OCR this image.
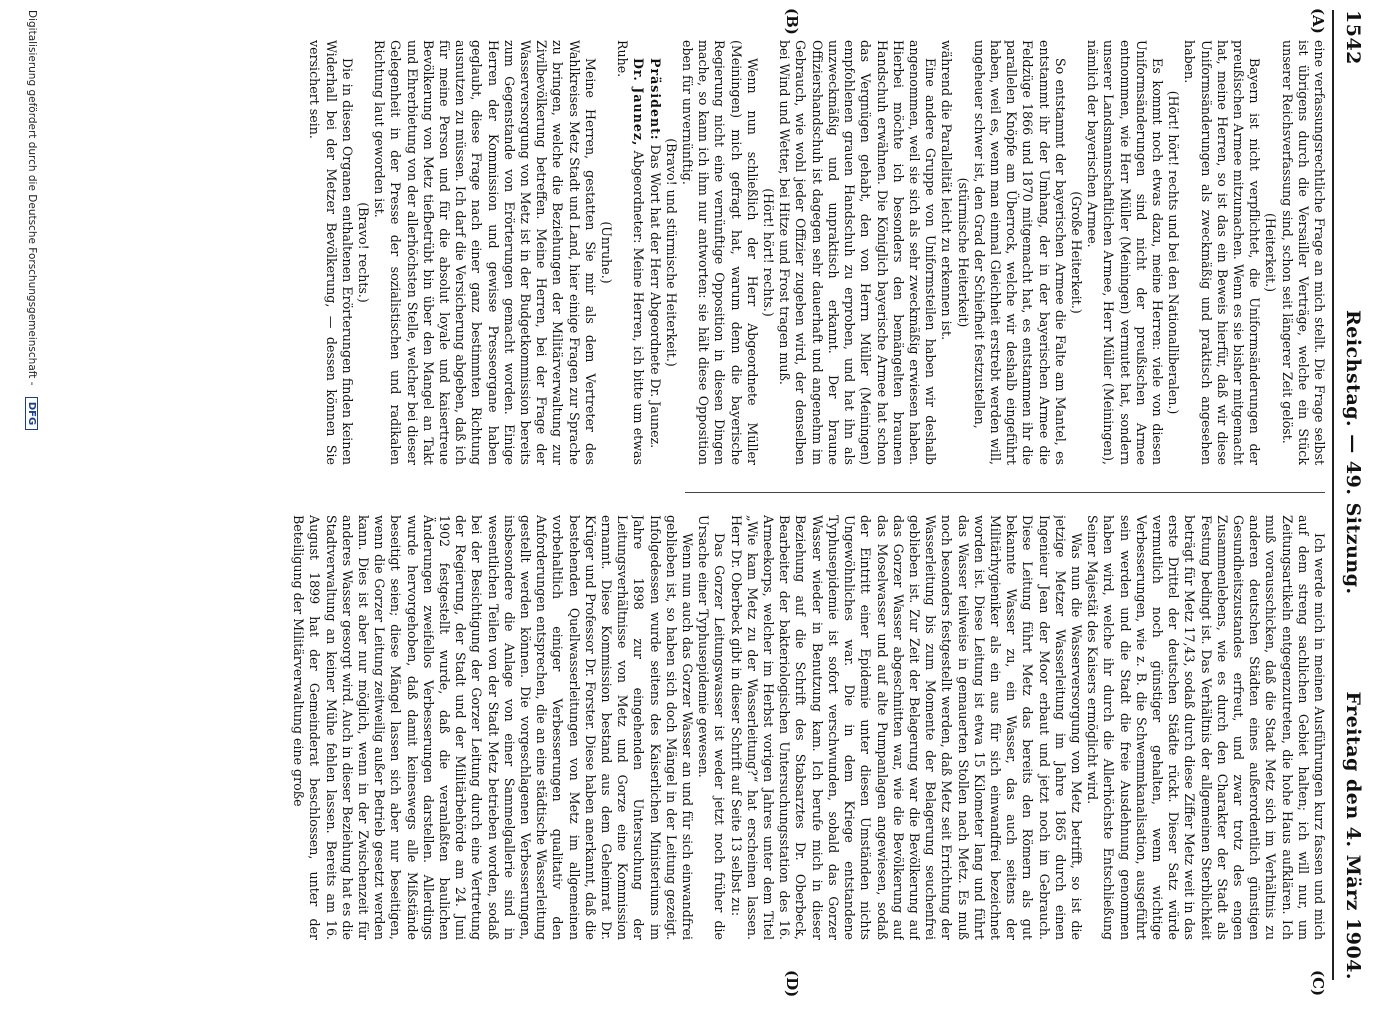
1542
Reichstag. — 49. Sitzung.
Freitag den 4. März 1904.
(A)
(B)
(C)
(D)

eine verfassungsrechtliche Frage an mich stellt. Die Frage selbst ist übrigens durch die Versailler Verträge, welche ein Stück unserer Reichsverfassung sind, schon seit längerer Zeit gelöst.

(Heiterkeit.)

Bayern ist nicht verpflichtet, die Uniformsänderungen der preußischen Armee mitzumachen. Wenn es sie bisher mitgemacht hat, meine Herren, so ist das ein Beweis hierfür, daß wir diese Uniformsänderungen als zweckmäßig und praktisch angesehen haben.

(Hört! hört! rechts und bei den Nationalliberalen.)

Es kommt noch etwas dazu, meine Herren: viele von diesen Uniformsänderungen sind nicht der preußischen Armee entnommen, wie Herr Müller (Meiningen) vermutet hat, sondern unserer Landsmannschaftlichen Armee, Herr Müller (Meiningen), nämlich der bayerischen Armee.

(Große Heiterkeit.)

So entstammt der bayerischen Armee die Falte am Mantel, es entstammt ihr der Umhang, der in der bayerischen Armee die Feldzüge 1866 und 1870 mitgemacht hat, es entstammen ihr die parallelen Knöpfe am Überrock, welche wir deshalb eingeführt haben, weil es, wenn man einmal Gleichheit erstrebt werden will, ungeheuer schwer ist, den Grad der Schiefheit festzustellen,

(stürmische Heiterkeit)

während die Parallelität leicht zu erkennen ist.

Eine andere Gruppe von Uniformsteilen haben wir deshalb angenommen, weil sie sich als sehr zweckmäßig erwiesen haben. Hierbei möchte ich besonders den bemängelten braunen Handschuh erwähnen. Die Königlich bayerische Armee hat schon das Vergnügen gehabt, den von Herrn Müller (Meiningen) empfohlenen grauen Handschuh zu erproben, und hat ihn als unzweckmäßig und unpraktisch erkannt. Der braune Offiziershandschuh ist dagegen sehr dauerhaft und angenehm im Gebrauch, wie wohl jeder Offizier zugeben wird, der denselben bei Wind und Wetter, bei Hitze und Frost tragen muß.

(Hört! hört! rechts.)

Wenn nun schließlich der Herr Abgeordnete Müller (Meiningen) mich gefragt hat, warum denn die bayerische Regierung nicht eine vernünftige Opposition in diesen Dingen mache, so kann ich ihm nur antworten: sie hält diese Opposition eben für unvernünftig.

(Bravo! und stürmische Heiterkeit.)

Präsident: Das Wort hat der Herr Abgeordnete Dr. Jaunez.

Dr. Jaunez, Abgeordneter: Meine Herren, ich bitte um etwas Ruhe.

(Unruhe.)

Meine Herren, gestatten Sie mir als dem Vertreter des Wahlkreises Metz Stadt und Land, hier einige Fragen zur Sprache zu bringen, welche die Beziehungen der Militärverwaltung zur Zivilbevölkerung betreffen. Meine Herren, bei der Frage der Wasserversorgung von Metz ist in der Budgetkommission bereits zum Gegenstande von Erörterungen gemacht worden. Einige Herren der Kommission und gewisse Presseorgane haben geglaubt, diese Frage nach einer ganz bestimmten Richtung ausnutzen zu müssen. Ich darf die Versicherung abgeben, daß ich für meine Person und für die absolut loyale und kaisertreue Bevölkerung von Metz tiefbetrübt bin über den Mangel an Takt und Ehrerbietung von der allerhöchsten Stelle, welcher bei dieser Gelegenheit in der Presse der sozialistischen und radikalen Richtung laut geworden ist.

(Bravo! rechts.)

Die in diesen Organen enthaltenen Erörterungen finden keinen Widerhall bei der Metzer Bevölkerung, — dessen können Sie versichert sein.

Ich werde mich in meinen Ausführungen kurz fassen und mich auf dem streng sachlichen Gebiet halten; ich will nur, um Zeitungsartikeln entgegenzutreten, die hohe Haus aufklären. Ich muß vorausschicken, daß die Stadt Metz sich im Verhältnis zu anderen deutschen Städten eines außerordentlich günstigen Gesundheitszustandes erfreut, und zwar trotz des engen Zusammenlebens, wie es durch den Charakter der Stadt als Festung bedingt ist. Das Verhältnis der allgemeinen Sterblichkeit beträgt für Metz 17,43, sodaß durch diese Ziffer Metz weit in das erste Drittel der deutschen Städte rückt. Dieser Satz würde vermutlich noch günstiger gehalten, wenn wichtige Verbesserungen, wie z. B. die Schwemmkanalisation, ausgeführt sein werden und die Stadt die freie Ausdehnung genommen haben wird, welche ihr durch die Allerhöchste Entschließung Seiner Majestät des Kaisers ermöglicht wird.

Was nun die Wasserversorgung von Metz betrifft, so ist die jetzige Metzer Wasserleitung im Jahre 1865 durch einen Ingenieur Jean der Moor erbaut und jetzt noch im Gebrauch. Diese Leitung führt Metz das bereits den Römern als gut bekannte Wasser zu, ein Wasser, das auch seitens der Militärhygieniker als ein aus für sich einwandfrei bezeichnet worden ist. Diese Leitung ist etwa 15 Kilometer lang und führt das Wasser teilweise in gemauerten Stollen nach Metz. Es muß noch besonders festgestellt werden, daß Metz seit Errichtung der Wasserleitung bis zum Momente der Belagerung seuchenfrei geblieben ist. Zur Zeit der Belagerung war die Bevölkerung auf das Gorzer Wasser abgeschnitten war, wie die Bevölkerung auf das Moselwasser und auf alte Pumpanlagen angewiesen, sodaß der Eintritt einer Epidemie unter diesen Umständen nichts Ungewöhnliches war. Die in dem Kriege entstandene Typhusepidemie ist sofort verschwunden, sobald das Gorzer Wasser wieder in Benutzung kam. Ich berufe mich in dieser Beziehung auf die Schrift des Stabsarztes Dr. Oberbeck, Bearbeiter der bakteriologischen Untersuchungsstation des 16. Armeekorps, welcher im Herbst vorigen Jahres unter dem Titel „Wie kam Metz zu der Wasserleitung?“ hat erscheinen lassen. Herr Dr. Oberbeck gibt in dieser Schrift auf Seite 13 selbst zu:

Das Gorzer Leitungswasser ist weder jetzt noch früher die Ursache einer Typhusepidemie gewesen.

Wenn nun auch das Gorzer Wasser an und für sich einwandfrei geblieben ist, so haben sich doch Mängel in der Leitung gezeigt. Infolgedessen wurde seitens des Kaiserlichen Ministeriums im Jahre 1898 zur eingehenden Untersuchung der Leitungsverhältnisse von Metz und Gorze eine Kommission ernannt. Diese Kommission bestand aus dem Geheimrat Dr. Krüger und Professor Dr. Forster. Diese haben anerkannt, daß die bestehenden Quellwasserleitungen von Metz im allgemeinen vorbehaltlich einiger Verbesserungen qualitativ den Anforderungen entsprechen, die an eine städtische Wasserleitung gestellt werden können. Die vorgeschlagenen Verbesserungen, insbesondere die Anlage von einer Sammelgallerie sind in wesentlichen Teilen von der Stadt Metz betrieben worden, sodaß bei der Besichtigung der Gorzer Leitung durch eine Vertretung der Regierung, der Stadt und der Militärbehörde am 24. Juni 1902 festgestellt wurde, daß die veranlaßten baulichen Änderungen zweifellos Verbesserungen darstellen. Allerdings wurde hervorgehoben, daß damit keineswegs alle Mißstände beseitigt seien; diese Mängel lassen sich aber nur beseitigen, wenn die Gorzer Leitung zeitweilig außer Betrieb gesetzt werden kann. Dies ist aber nur möglich, wenn in der Zwischenzeit für anderes Wasser gesorgt wird. Auch in dieser Beziehung hat es die Stadtverwaltung an keiner Mühe fehlen lassen. Bereits am 16. August 1899 hat der Gemeinderat beschlossen, unter der Beteiligung der Militärverwaltung eine große

Digitalisierung gefördert durch die Deutsche Forschungsgemeinschaft - DFG
